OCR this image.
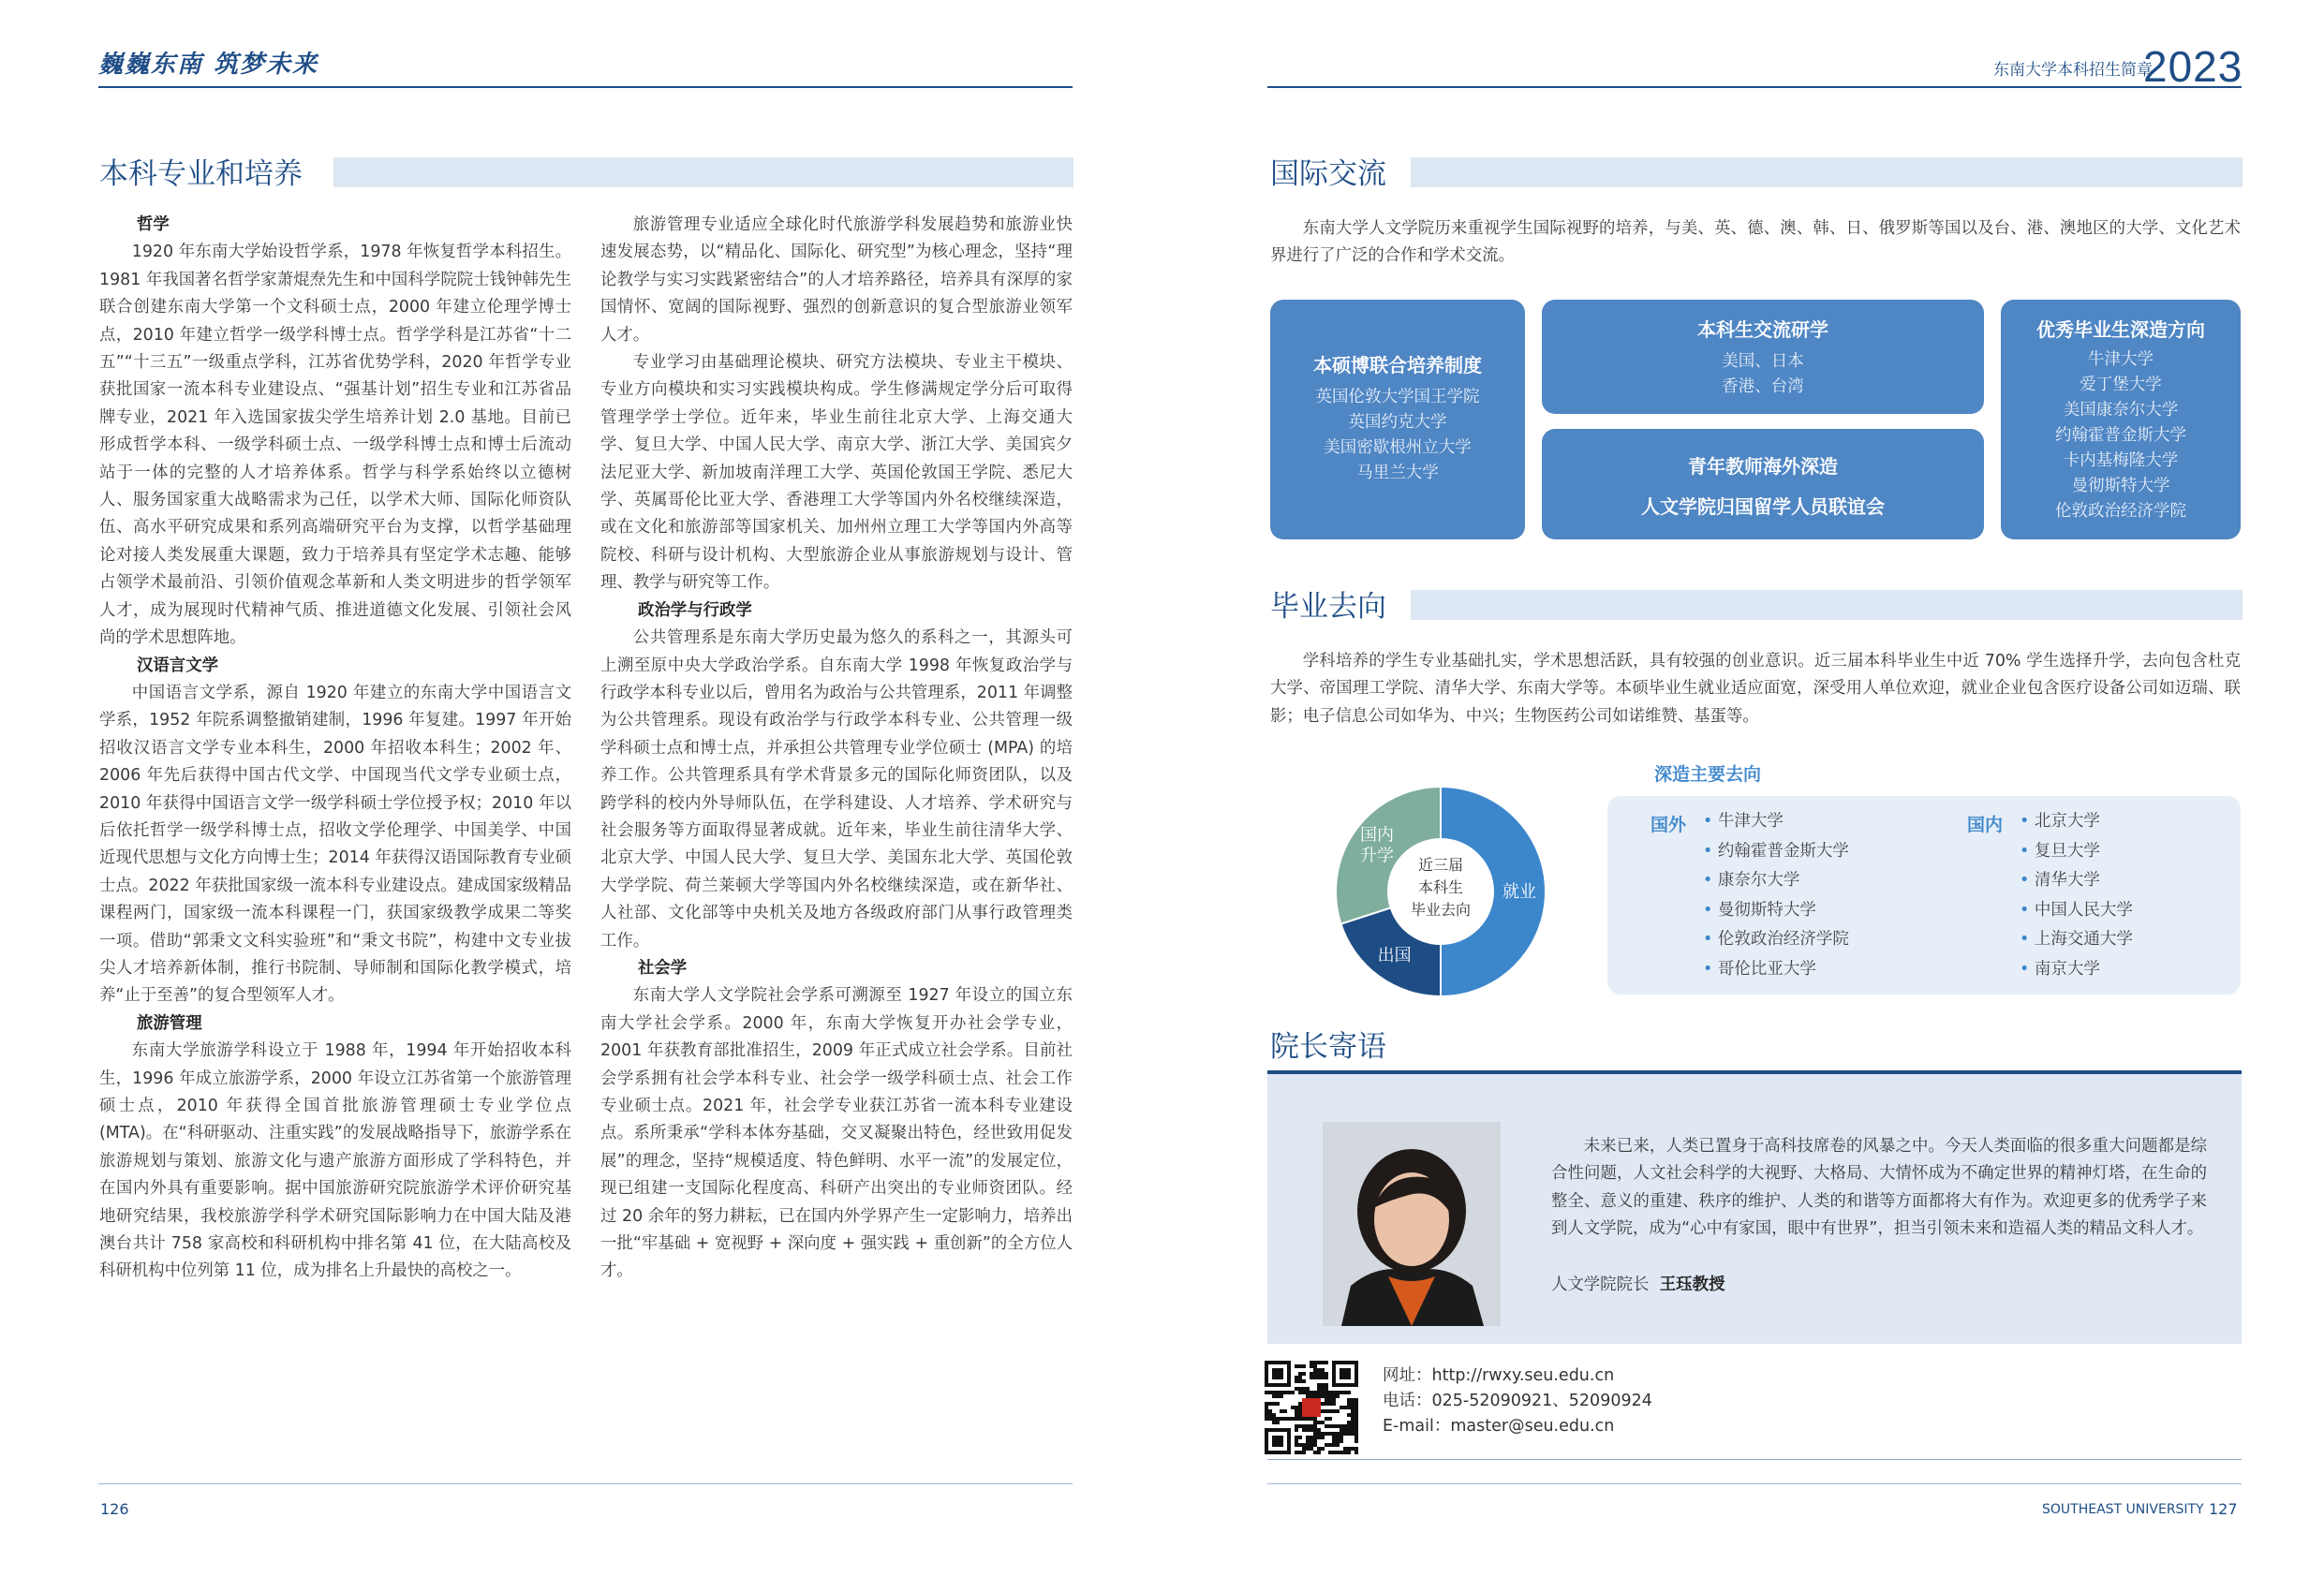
巍巍东南 筑梦未来	东南大学本科招生简章
2023
本科专业和培养
哲学

1920 年东南大学始设哲学系，1978 年恢复哲学本科招生。1981 年我国著名哲学家萧焜焘先生和中国科学院院士钱钟韩先生联合创建东南大学第一个文科硕士点，2000 年建立伦理学博士点，2010 年建立哲学一级学科博士点。哲学学科是江苏省“十二五”“十三五”一级重点学科，江苏省优势学科，2020 年哲学专业获批国家一流本科专业建设点、“强基计划”招生专业和江苏省品牌专业，2021 年入选国家拔尖学生培养计划 2.0 基地。目前已形成哲学本科、一级学科硕士点、一级学科博士点和博士后流动站于一体的完整的人才培养体系。哲学与科学系始终以立德树人、服务国家重大战略需求为己任，以学术大师、国际化师资队伍、高水平研究成果和系列高端研究平台为支撑，以哲学基础理论对接人类发展重大课题，致力于培养具有坚定学术志趣、能够占领学术最前沿、引领价值观念革新和人类文明进步的哲学领军人才，成为展现时代精神气质、推进道德文化发展、引领社会风尚的学术思想阵地。

汉语言文学

中国语言文学系，源自 1920 年建立的东南大学中国语言文学系，1952 年院系调整撤销建制，1996 年复建。1997 年开始招收汉语言文学专业本科生，2000 年招收本科生；2002 年、2006 年先后获得中国古代文学、中国现当代文学专业硕士点，2010 年获得中国语言文学一级学科硕士学位授予权；2010 年以后依托哲学一级学科博士点，招收文学伦理学、中国美学、中国近现代思想与文化方向博士生；2014 年获得汉语国际教育专业硕士点。2022 年获批国家级一流本科专业建设点。建成国家级精品课程两门，国家级一流本科课程一门，获国家级教学成果二等奖一项。借助“郭秉文文科实验班”和“秉文书院”，构建中文专业拔尖人才培养新体制，推行书院制、导师制和国际化教学模式，培养“止于至善”的复合型领军人才。

旅游管理

东南大学旅游学科设立于 1988 年，1994 年开始招收本科生，1996 年成立旅游学系，2000 年设立江苏省第一个旅游管理硕士点，2010 年获得全国首批旅游管理硕士专业学位点 (MTA)。在“科研驱动、注重实践”的发展战略指导下，旅游学系在旅游规划与策划、旅游文化与遗产旅游方面形成了学科特色，并在国内外具有重要影响。据中国旅游研究院旅游学术评价研究基地研究结果，我校旅游学科学术研究国际影响力在中国大陆及港澳台共计 758 家高校和科研机构中排名第 41 位，在大陆高校及科研机构中位列第 11 位，成为排名上升最快的高校之一。

旅游管理专业适应全球化时代旅游学科发展趋势和旅游业快速发展态势，以“精品化、国际化、研究型”为核心理念，坚持“理论教学与实习实践紧密结合”的人才培养路径，培养具有深厚的家国情怀、宽阔的国际视野、强烈的创新意识的复合型旅游业领军人才。

专业学习由基础理论模块、研究方法模块、专业主干模块、专业方向模块和实习实践模块构成。学生修满规定学分后可取得管理学学士学位。近年来，毕业生前往北京大学、上海交通大学、复旦大学、中国人民大学、南京大学、浙江大学、美国宾夕法尼亚大学、新加坡南洋理工大学、英国伦敦国王学院、悉尼大学、英属哥伦比亚大学、香港理工大学等国内外名校继续深造，或在文化和旅游部等国家机关、加州州立理工大学等国内外高等院校、科研与设计机构、大型旅游企业从事旅游规划与设计、管理、教学与研究等工作。

政治学与行政学

公共管理系是东南大学历史最为悠久的系科之一，其源头可上溯至原中央大学政治学系。自东南大学 1998 年恢复政治学与行政学本科专业以后，曾用名为政治与公共管理系，2011 年调整为公共管理系。现设有政治学与行政学本科专业、公共管理一级学科硕士点和博士点，并承担公共管理专业学位硕士 (MPA) 的培养工作。公共管理系具有学术背景多元的国际化师资团队，以及跨学科的校内外导师队伍，在学科建设、人才培养、学术研究与社会服务等方面取得显著成就。近年来，毕业生前往清华大学、北京大学、中国人民大学、复旦大学、美国东北大学、英国伦敦大学学院、荷兰莱顿大学等国内外名校继续深造，或在新华社、人社部、文化部等中央机关及地方各级政府部门从事行政管理类工作。

社会学

东南大学人文学院社会学系可溯源至 1927 年设立的国立东南大学社会学系。2000 年，东南大学恢复开办社会学专业，2001 年获教育部批准招生，2009 年正式成立社会学系。目前社会学系拥有社会学本科专业、社会学一级学科硕士点、社会工作专业硕士点。2021 年，社会学专业获江苏省一流本科专业建设点。系所秉承“学科本体夯基础，交叉凝聚出特色，经世致用促发展”的理念，坚持“规模适度、特色鲜明、水平一流”的发展定位，现已组建一支国际化程度高、科研产出突出的专业师资团队。经过 20 余年的努力耕耘，已在国内外学界产生一定影响力，培养出一批“牢基础 + 宽视野 + 深向度 + 强实践 + 重创新”的全方位人才。

国际交流

东南大学人文学院历来重视学生国际视野的培养，与美、英、德、澳、韩、日、俄罗斯等国以及台、港、澳地区的大学、文化艺术界进行了广泛的合作和学术交流。

本硕博联合培养制度
英国伦敦大学国王学院
英国约克大学
美国密歇根州立大学
马里兰大学
本科生交流研学
美国、日本
香港、台湾
青年教师海外深造
人文学院归国留学人员联谊会
优秀毕业生深造方向
牛津大学
爱丁堡大学
美国康奈尔大学
约翰霍普金斯大学
卡内基梅隆大学
曼彻斯特大学
伦敦政治经济学院
毕业去向

学科培养的学生专业基础扎实，学术思想活跃，具有较强的创业意识。近三届本科毕业生中近 70% 学生选择升学，去向包含杜克大学、帝国理工学院、清华大学、东南大学等。本硕毕业生就业适应面宽，深受用人单位欢迎，就业企业包含医疗设备公司如迈瑞、联影；电子信息公司如华为、中兴；生物医药公司如诺维赞、基蛋等。

就业
出国
国内升学 近三届
本科生
毕业去向
深造主要去向
国外	• 牛津大学
• 约翰霍普金斯大学
• 康奈尔大学
• 曼彻斯特大学
• 伦敦政治经济学院
• 哥伦比亚大学
国内	• 北京大学
• 复旦大学
• 清华大学
• 中国人民大学
• 上海交通大学
• 南京大学
院长寄语

未来已来，人类已置身于高科技席卷的风暴之中。今天人类面临的很多重大问题都是综合性问题，人文社会科学的大视野、大格局、大情怀成为不确定世界的精神灯塔，在生命的整全、意义的重建、秩序的维护、人类的和谐等方面都将大有作为。欢迎更多的优秀学子来到人文学院，成为“心中有家国，眼中有世界”，担当引领未来和造福人类的精品文科人才。

人文学院院长 王珏教授
网址：http://rwxy.seu.edu.cn
电话：025-52090921、52090924
E-mail：master@seu.edu.cn
126	SOUTHEAST UNIVERSITY 127
